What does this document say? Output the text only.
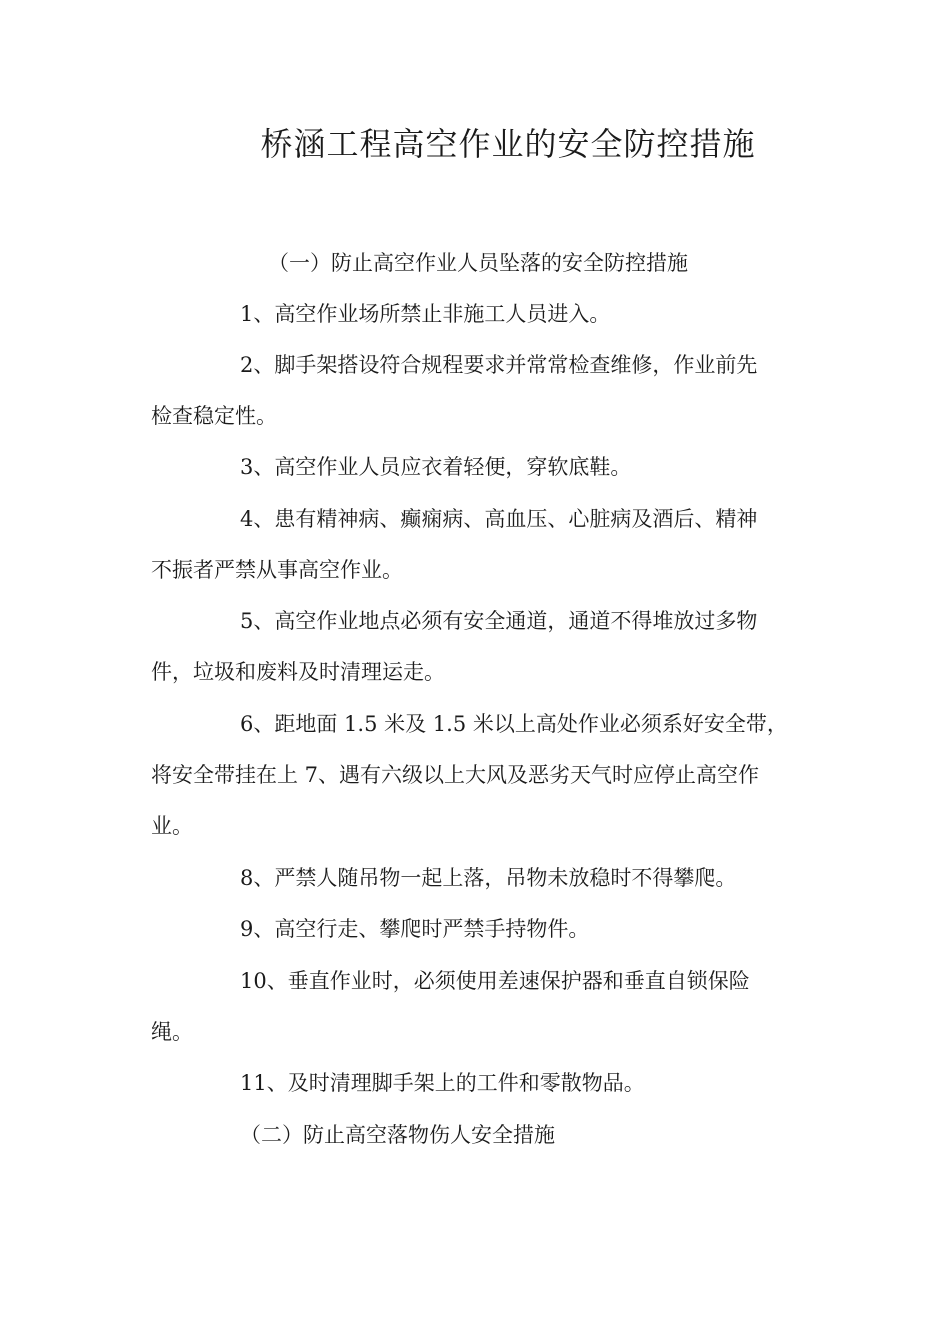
桥涵工程高空作业的安全防控措施
（一）防止高空作业人员坠落的安全防控措施
1、高空作业场所禁止非施工人员进入。
2、脚手架搭设符合规程要求并常常检查维修，作业前先
检查稳定性。
3、高空作业人员应衣着轻便，穿软底鞋。
4、患有精神病、癫痫病、高血压、心脏病及酒后、精神
不振者严禁从事高空作业。
5、高空作业地点必须有安全通道，通道不得堆放过多物
件，垃圾和废料及时清理运走。
6、距地面 1.5 米及 1.5 米以上高处作业必须系好安全带，
将安全带挂在上 7、遇有六级以上大风及恶劣天气时应停止高空作
业。
8、严禁人随吊物一起上落，吊物未放稳时不得攀爬。
9、高空行走、攀爬时严禁手持物件。
10、垂直作业时，必须使用差速保护器和垂直自锁保险
绳。
11、及时清理脚手架上的工件和零散物品。
（二）防止高空落物伤人安全措施
